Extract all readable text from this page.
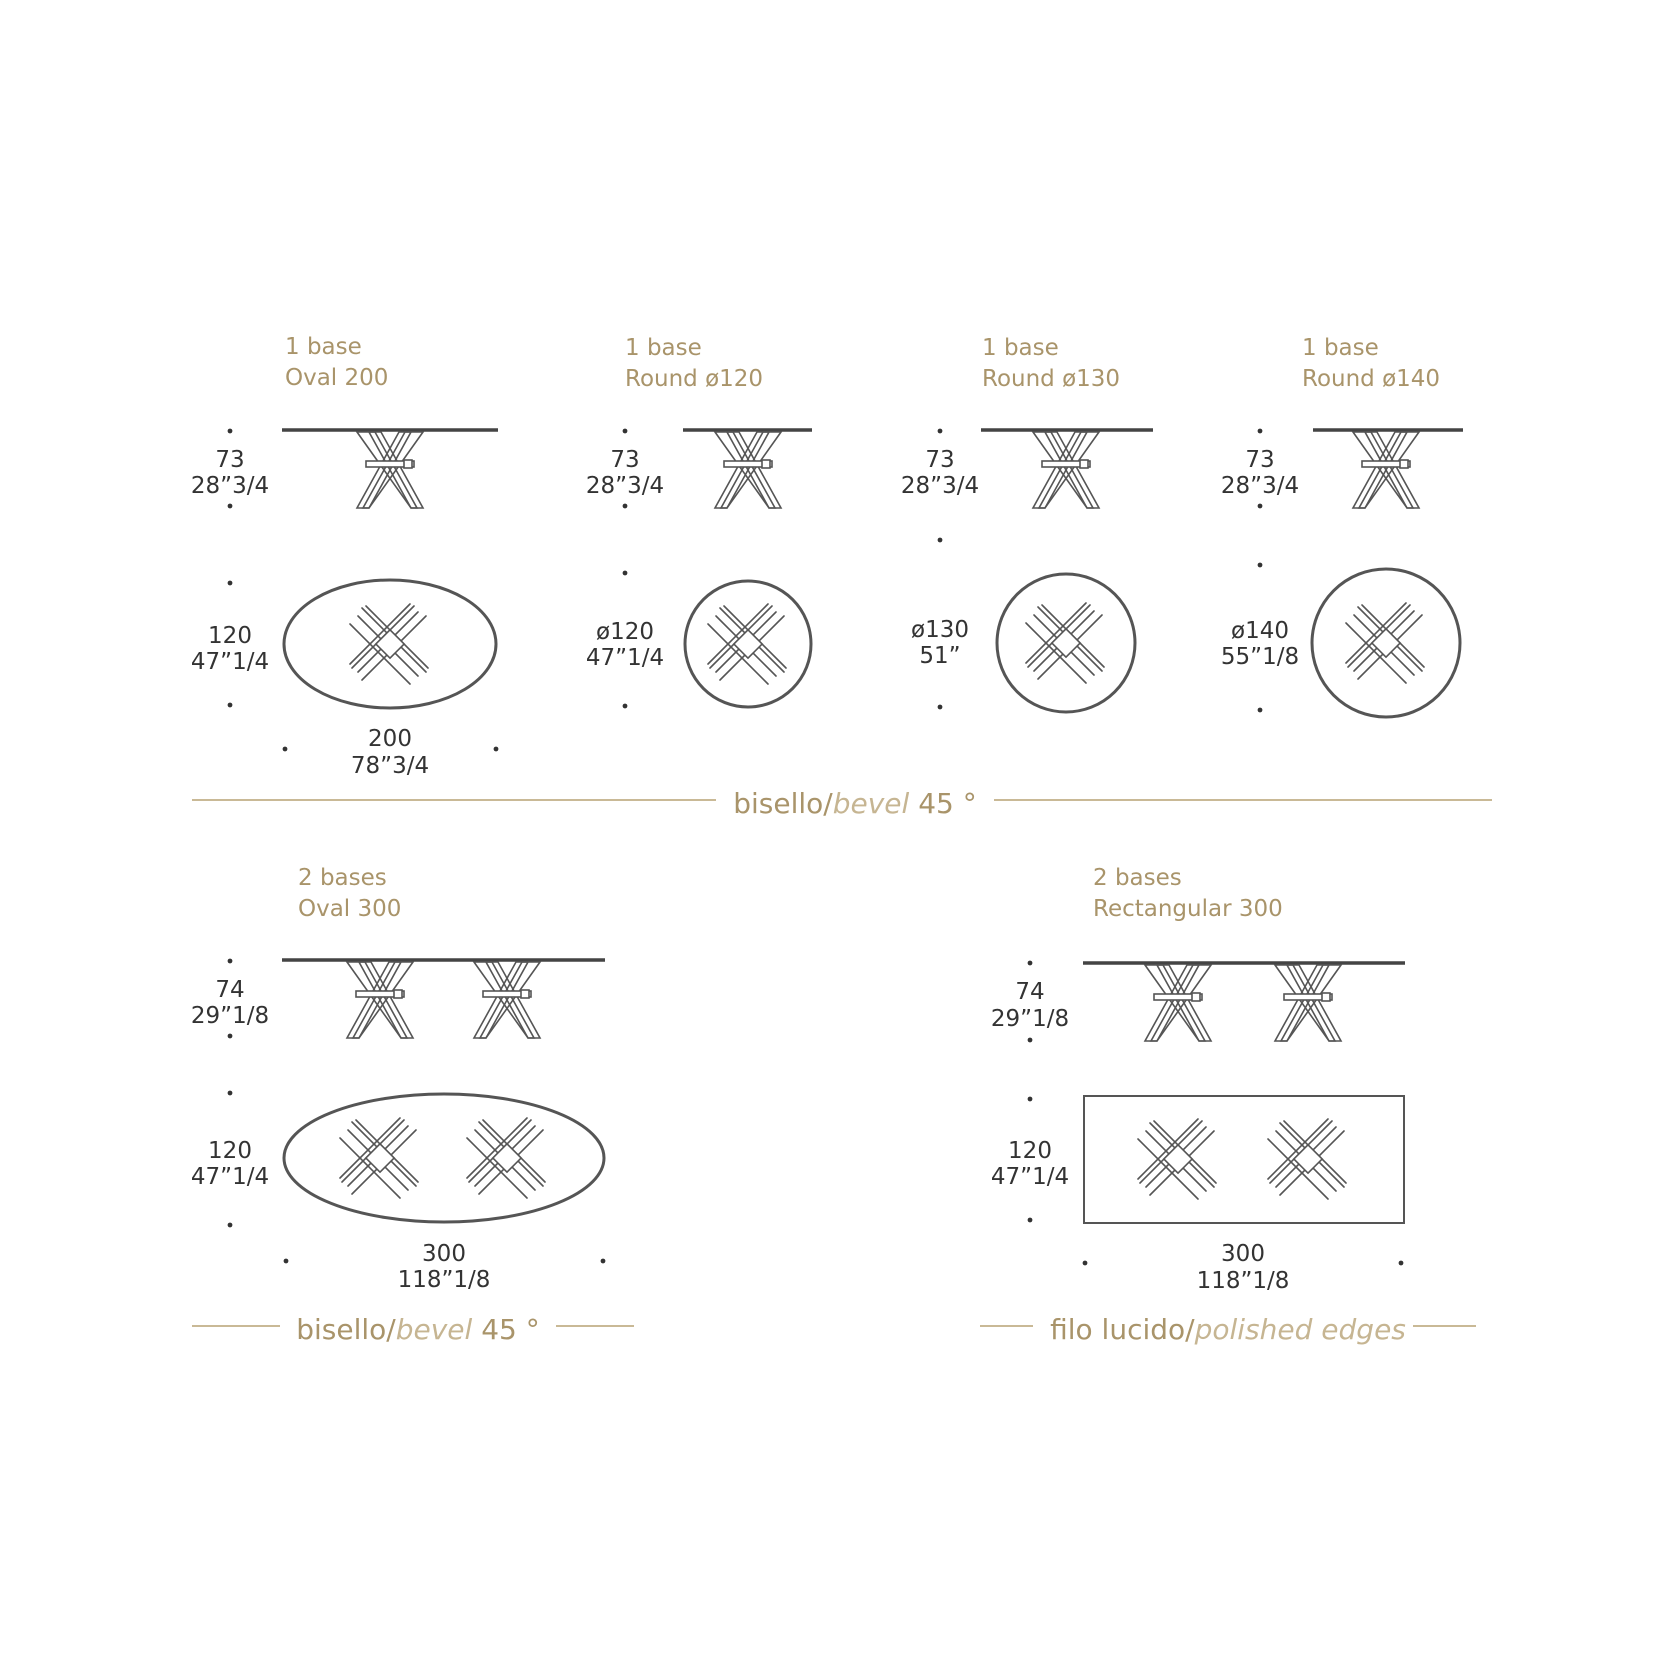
1 base
Oval 200
73
28”3/4
120
47”1/4
200
78”3/4
1 base
Round ø120
73
28”3/4
ø120
47”1/4
1 base
Round ø130
73
28”3/4
ø130
51”
1 base
Round ø140
73
28”3/4
ø140
55”1/8
bisello/bevel 45 °
2 bases
Oval 300
74
29”1/8
120
47”1/4
300
118”1/8
2 bases
Rectangular 300
74
29”1/8
120
47”1/4
300
118”1/8
bisello/bevel 45 °	filo lucido/polished edges
